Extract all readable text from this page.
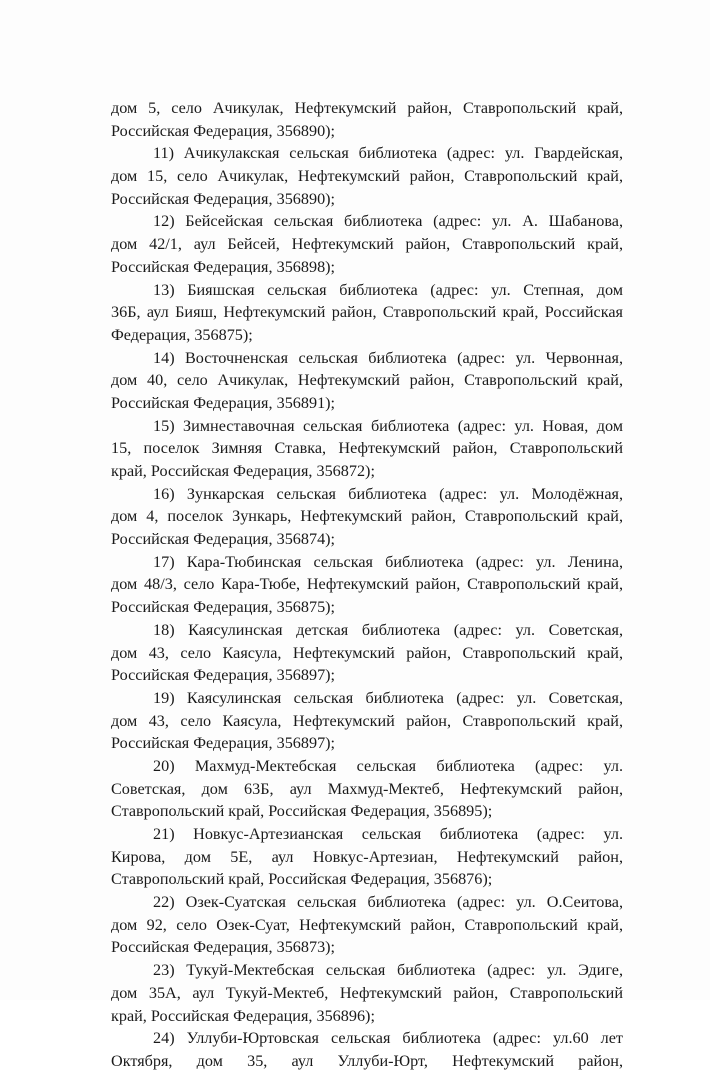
дом 5, село Ачикулак, Нефтекумский район, Ставропольский край,
Российская Федерация, 356890);
11) Ачикулакская сельская библиотека (адрес: ул. Гвардейская,
дом 15, село Ачикулак, Нефтекумский район, Ставропольский край,
Российская Федерация, 356890);
12) Бейсейская сельская библиотека (адрес: ул. А. Шабанова,
дом 42/1, аул Бейсей, Нефтекумский район, Ставропольский край,
Российская Федерация, 356898);
13) Бияшская сельская библиотека (адрес: ул. Степная, дом
36Б, аул Бияш, Нефтекумский район, Ставропольский край, Российская
Федерация, 356875);
14) Восточненская сельская библиотека (адрес: ул. Червонная,
дом 40, село Ачикулак, Нефтекумский район, Ставропольский край,
Российская Федерация, 356891);
15) Зимнеставочная сельская библиотека (адрес: ул. Новая, дом
15, поселок Зимняя Ставка, Нефтекумский район, Ставропольский
край, Российская Федерация, 356872);
16) Зункарская сельская библиотека (адрес: ул. Молодёжная,
дом 4, поселок Зункарь, Нефтекумский район, Ставропольский край,
Российская Федерация, 356874);
17) Кара-Тюбинская сельская библиотека (адрес: ул. Ленина,
дом 48/3, село Кара-Тюбе, Нефтекумский район, Ставропольский край,
Российская Федерация, 356875);
18) Каясулинская детская библиотека (адрес: ул. Советская,
дом 43, село Каясула, Нефтекумский район, Ставропольский край,
Российская Федерация, 356897);
19) Каясулинская сельская библиотека (адрес: ул. Советская,
дом 43, село Каясула, Нефтекумский район, Ставропольский край,
Российская Федерация, 356897);
20) Махмуд-Мектебская сельская библиотека (адрес: ул.
Советская, дом 63Б, аул Махмуд-Мектеб, Нефтекумский район,
Ставропольский край, Российская Федерация, 356895);
21) Новкус-Артезианская сельская библиотека (адрес: ул.
Кирова, дом 5Е, аул Новкус-Артезиан, Нефтекумский район,
Ставропольский край, Российская Федерация, 356876);
22) Озек-Суатская сельская библиотека (адрес: ул. О.Сеитова,
дом 92, село Озек-Суат, Нефтекумский район, Ставропольский край,
Российская Федерация, 356873);
23) Тукуй-Мектебская сельская библиотека (адрес: ул. Эдиге,
дом 35А, аул Тукуй-Мектеб, Нефтекумский район, Ставропольский
край, Российская Федерация, 356896);
24) Уллуби-Юртовская сельская библиотека (адрес: ул.60 лет
Октября, дом 35, аул Уллуби-Юрт, Нефтекумский район,
